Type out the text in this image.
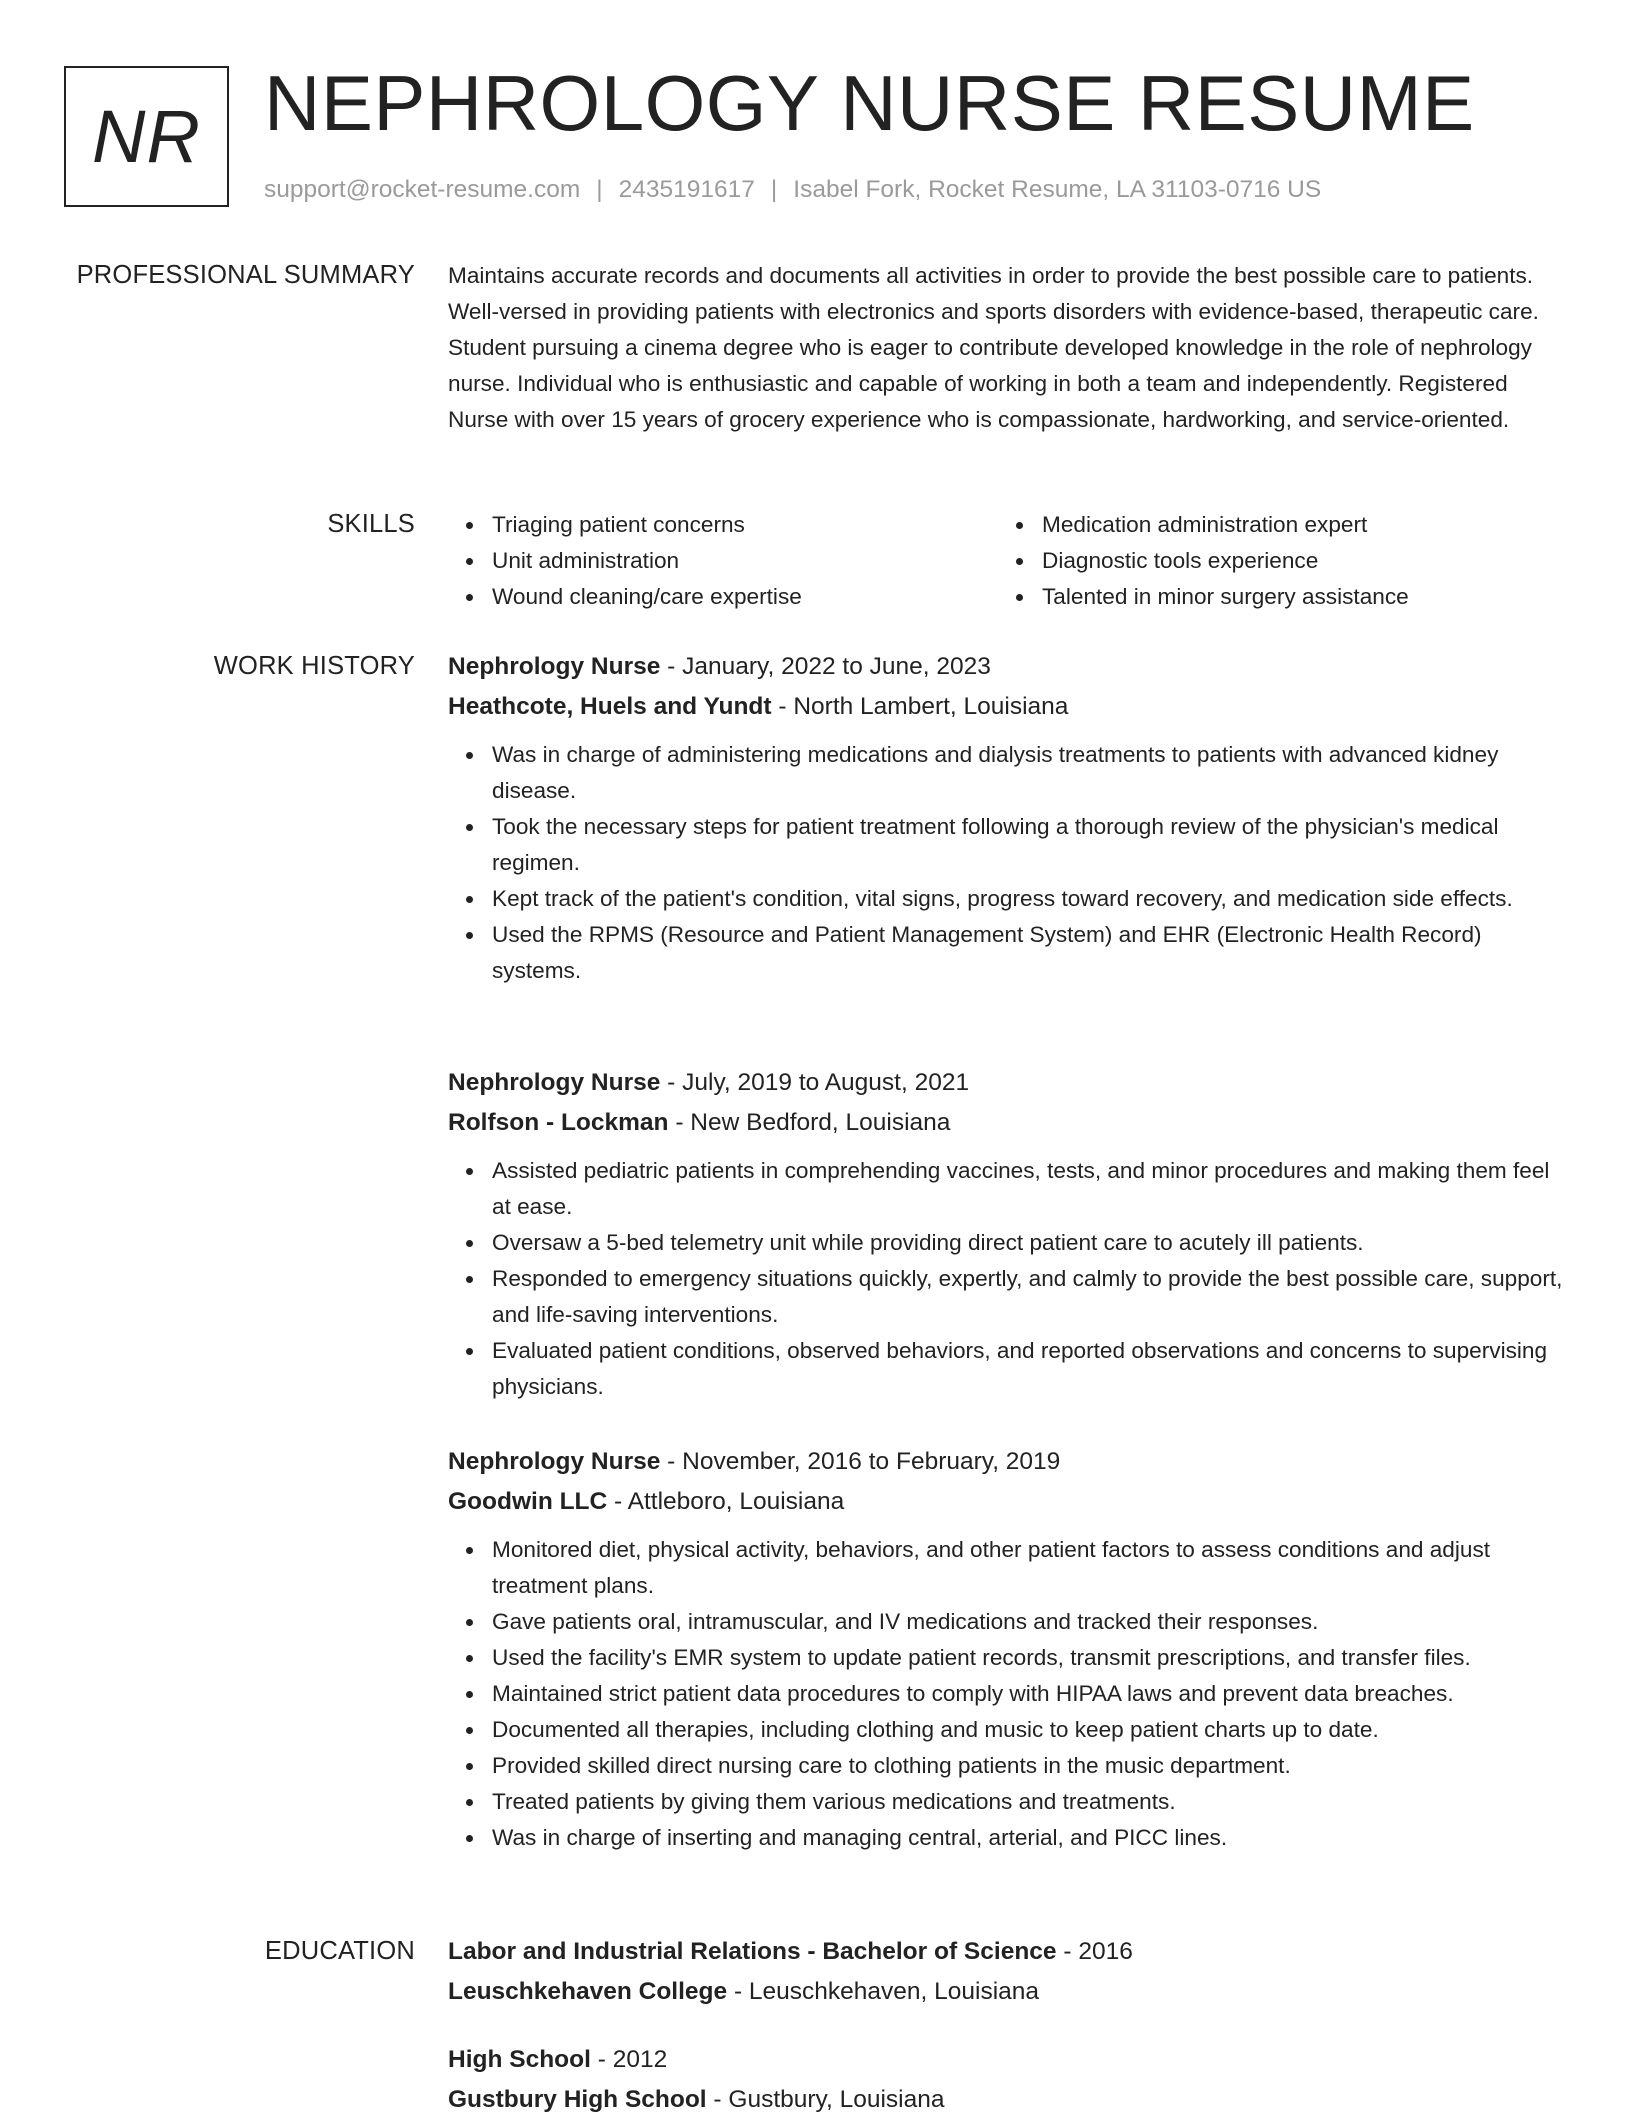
NR NEPHROLOGY NURSE RESUME
support@rocket-resume.com | 2435191617 | Isabel Fork, Rocket Resume, LA 31103-0716 US
PROFESSIONAL SUMMARY Maintains accurate records and documents all activities in order to provide the best possible care to patients. Well-versed in providing patients with electronics and sports disorders with evidence-based, therapeutic care. Student pursuing a cinema degree who is eager to contribute developed knowledge in the role of nephrology nurse. Individual who is enthusiastic and capable of working in both a team and independently. Registered Nurse with over 15 years of grocery experience who is compassionate, hardworking, and service-oriented.

SKILLS	Triaging patient concerns
Unit administration
Wound cleaning/care expertise
Medication administration expert
Diagnostic tools experience
Talented in minor surgery assistance
WORK HISTORY Nephrology Nurse - January, 2022 to June, 2023
Heathcote, Huels and Yundt - North Lambert, Louisiana
Was in charge of administering medications and dialysis treatments to patients with advanced kidney disease.
Took the necessary steps for patient treatment following a thorough review of the physician's medical regimen.
Kept track of the patient's condition, vital signs, progress toward recovery, and medication side effects.
Used the RPMS (Resource and Patient Management System) and EHR (Electronic Health Record) systems.
Nephrology Nurse - July, 2019 to August, 2021
Rolfson - Lockman - New Bedford, Louisiana
Assisted pediatric patients in comprehending vaccines, tests, and minor procedures and making them feel at ease.
Oversaw a 5-bed telemetry unit while providing direct patient care to acutely ill patients.
Responded to emergency situations quickly, expertly, and calmly to provide the best possible care, support, and life-saving interventions.
Evaluated patient conditions, observed behaviors, and reported observations and concerns to supervising physicians.
Nephrology Nurse - November, 2016 to February, 2019
Goodwin LLC - Attleboro, Louisiana
Monitored diet, physical activity, behaviors, and other patient factors to assess conditions and adjust treatment plans.
Gave patients oral, intramuscular, and IV medications and tracked their responses.
Used the facility's EMR system to update patient records, transmit prescriptions, and transfer files.
Maintained strict patient data procedures to comply with HIPAA laws and prevent data breaches.
Documented all therapies, including clothing and music to keep patient charts up to date.
Provided skilled direct nursing care to clothing patients in the music department.
Treated patients by giving them various medications and treatments.
Was in charge of inserting and managing central, arterial, and PICC lines.
EDUCATION Labor and Industrial Relations - Bachelor of Science - 2016
Leuschkehaven College - Leuschkehaven, Louisiana
High School - 2012
Gustbury High School - Gustbury, Louisiana
